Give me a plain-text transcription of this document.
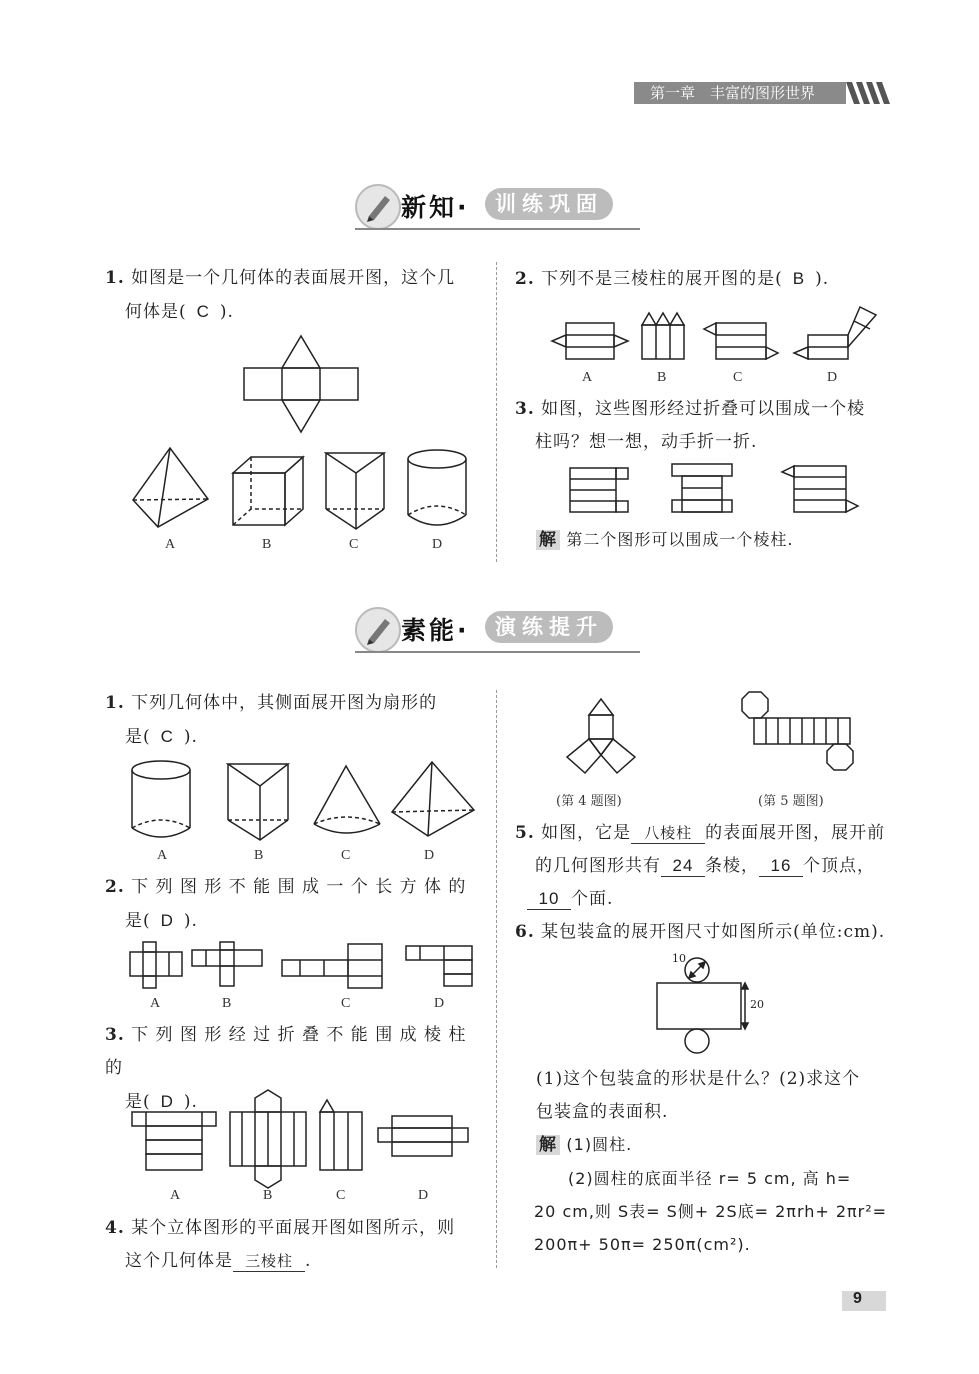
第一章　丰富的图形世界
新知·	训练巩固
1. 如图是一个几何体的表面展开图，这个几
何体是( C ).
A	B	C	D
2. 下列不是三棱柱的展开图的是( B ).
A	B	C	D
3. 如图，这些图形经过折叠可以围成一个棱
柱吗？想一想，动手折一折.
解 第二个图形可以围成一个棱柱.
素能·	演练提升
1. 下列几何体中，其侧面展开图为扇形的
是( C ).
A	B	C	D
2. 下 列 图 形 不 能 围 成 一 个 长 方 体 的
是( D ).
A	B	C	D
3. 下 列 图 形 经 过 折 叠 不 能 围 成 棱 柱 的
是( D ).
A	B	C	D
4. 某个立体图形的平面展开图如图所示，则
这个几何体是 三棱柱 .
(第 4 题图)	(第 5 题图)
5. 如图，它是 八棱柱 的表面展开图，展开前
的几何图形共有 24 条棱， 16 个顶点，
10 个面.
6. 某包装盒的展开图尺寸如图所示(单位:cm).
10
20
(1)这个包装盒的形状是什么？(2)求这个
包装盒的表面积.
解 (1)圆柱.
(2)圆柱的底面半径 r= 5 cm, 高 h=
20 cm,则 S表= S侧+ 2S底= 2πrh+ 2πr²=
200π+ 50π= 250π(cm²).
9
